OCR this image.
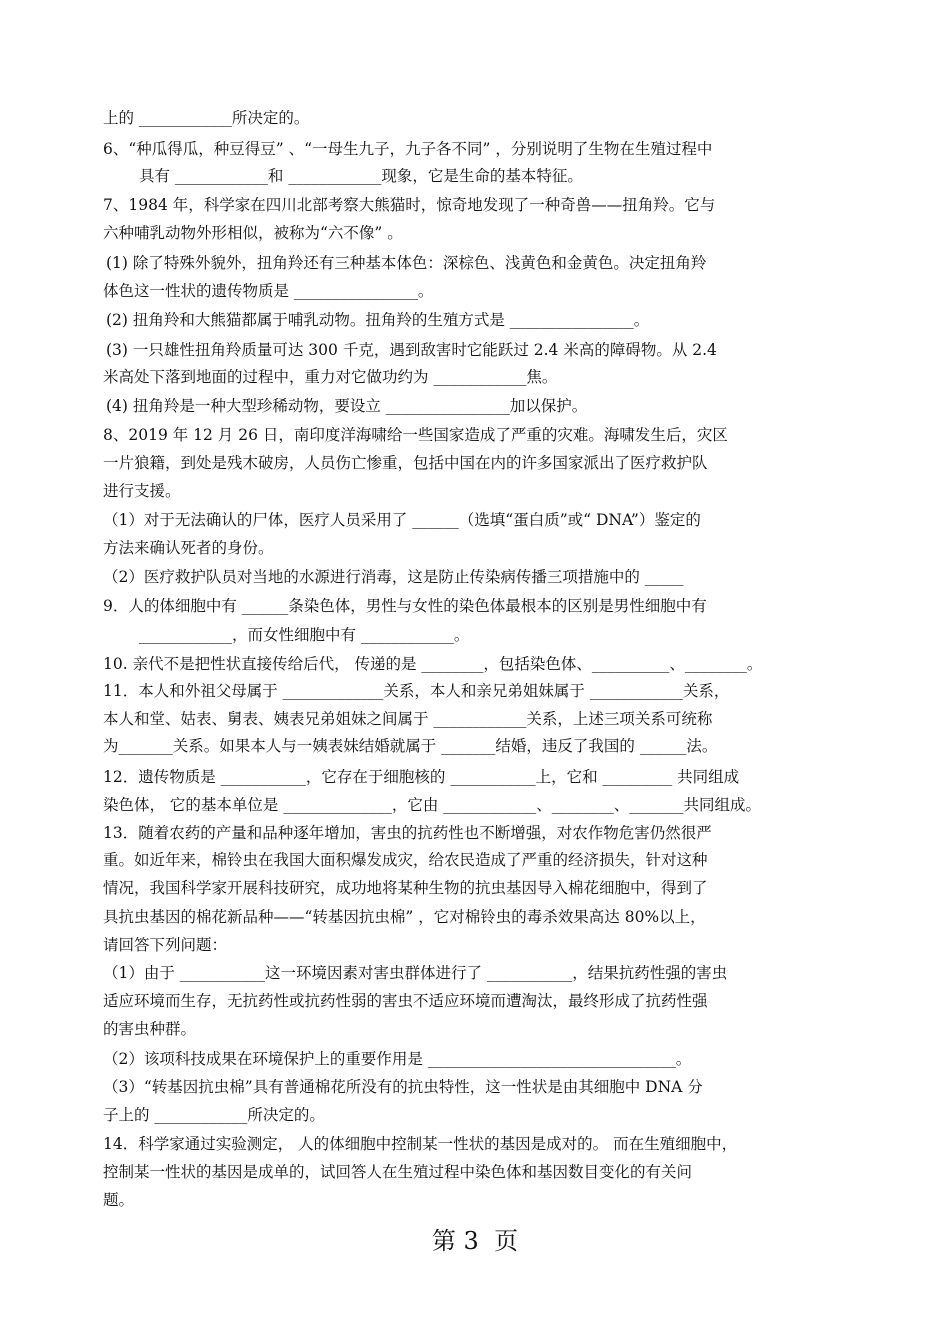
上的 ____________所决定的。
6、“种瓜得瓜，种豆得豆” 、“一母生九子，九子各不同” ，分别说明了生物在生殖过程中
具有 ____________和 ____________现象，它是生命的基本特征。
7、1984 年，科学家在四川北部考察大熊猫时，惊奇地发现了一种奇兽——扭角羚。它与
六种哺乳动物外形相似，被称为“六不像” 。
(1) 除了特殊外貌外，扭角羚还有三种基本体色：深棕色、浅黄色和金黄色。决定扭角羚
体色这一性状的遗传物质是 ________________。
(2) 扭角羚和大熊猫都属于哺乳动物。扭角羚的生殖方式是 ________________。
(3) 一只雄性扭角羚质量可达 300 千克，遇到敌害时它能跃过 2.4 米高的障碍物。从 2.4
米高处下落到地面的过程中，重力对它做功约为 ____________焦。
(4) 扭角羚是一种大型珍稀动物，要设立 ________________加以保护。
8、2019 年 12 月 26 日，南印度洋海啸给一些国家造成了严重的灾难。海啸发生后，灾区
一片狼籍，到处是残木破房，人员伤亡惨重，包括中国在内的许多国家派出了医疗救护队
进行支援。
（1）对于无法确认的尸体，医疗人员采用了 ______（选填“蛋白质”或“ DNA”）鉴定的
方法来确认死者的身份。
（2）医疗救护队员对当地的水源进行消毒，这是防止传染病传播三项措施中的 _____
9．人的体细胞中有 ______条染色体，男性与女性的染色体最根本的区别是男性细胞中有
____________，而女性细胞中有 ____________。
10. 亲代不是把性状直接传给后代， 传递的是 ________，包括染色体、__________、________。
11．本人和外祖父母属于 _____________关系，本人和亲兄弟姐妹属于 ____________关系，
本人和堂、姑表、舅表、姨表兄弟姐妹之间属于 ____________关系，上述三项关系可统称
为_______关系。如果本人与一姨表妹结婚就属于 _______结婚，违反了我国的 ______法。
12．遗传物质是 ___________，它存在于细胞核的 ___________上，它和 _________ 共同组成
染色体， 它的基本单位是 ______________，它由 ____________、________、_______共同组成。
13．随着农药的产量和品种逐年增加，害虫的抗药性也不断增强，对农作物危害仍然很严
重。如近年来，棉铃虫在我国大面积爆发成灾，给农民造成了严重的经济损失，针对这种
情况，我国科学家开展科技研究，成功地将某种生物的抗虫基因导入棉花细胞中，得到了
具抗虫基因的棉花新品种——“转基因抗虫棉” ，它对棉铃虫的毒杀效果高达 80%以上，
请回答下列问题：
（1）由于 ___________这一环境因素对害虫群体进行了 ___________，结果抗药性强的害虫
适应环境而生存，无抗药性或抗药性弱的害虫不适应环境而遭淘汰，最终形成了抗药性强
的害虫种群。
（2）该项科技成果在环境保护上的重要作用是 ________________________________。
（3）“转基因抗虫棉”具有普通棉花所没有的抗虫特性，这一性状是由其细胞中 DNA 分
子上的 ____________所决定的。
14．科学家通过实验测定， 人的体细胞中控制某一性状的基因是成对的。 而在生殖细胞中，
控制某一性状的基因是成单的，试回答人在生殖过程中染色体和基因数目变化的有关问
题。
第 3  页
